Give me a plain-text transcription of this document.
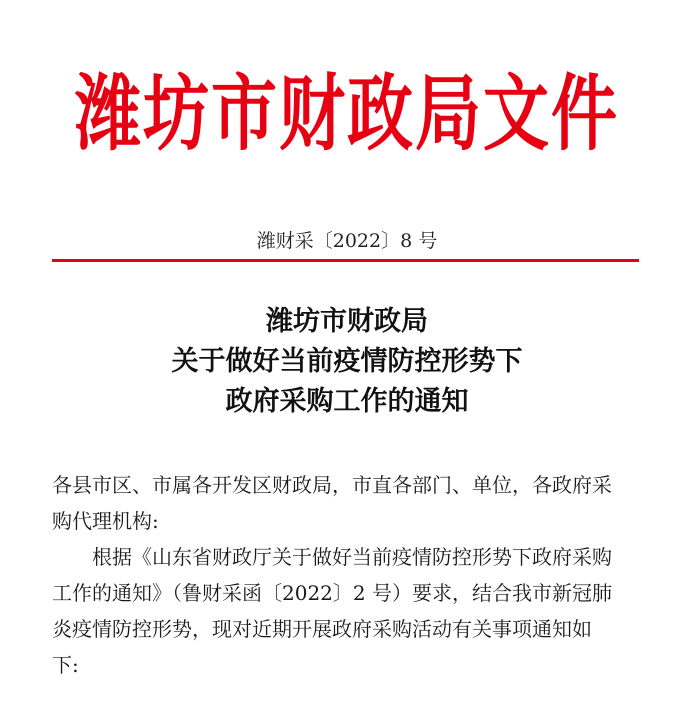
潍坊市财政局文件
潍财采〔2022〕8 号
潍坊市财政局
关于做好当前疫情防控形势下
政府采购工作的通知
各县市区、市属各开发区财政局，市直各部门、单位，各政府采
购代理机构:
根据《山东省财政厅关于做好当前疫情防控形势下政府采购
工作的通知》（鲁财采函〔2022〕2 号）要求，结合我市新冠肺
炎疫情防控形势，现对近期开展政府采购活动有关事项通知如
下:
